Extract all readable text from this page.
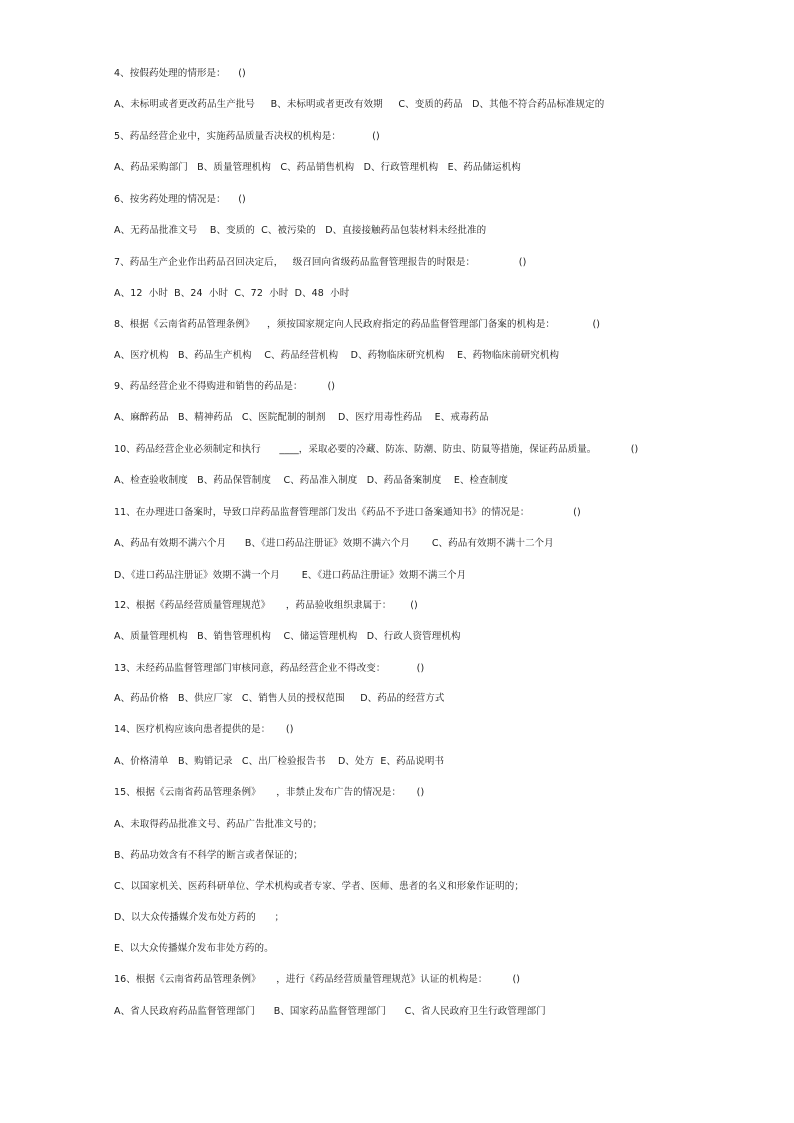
4、按假药处理的情形是：    ()
A、未标明或者更改药品生产批号     B、未标明或者更改有效期     C、变质的药品   D、其他不符合药品标准规定的
5、药品经营企业中，实施药品质量否决权的机构是：          ()
A、药品采购部门   B、质量管理机构   C、药品销售机构   D、行政管理机构   E、药品储运机构
6、按劣药处理的情况是：    ()
A、无药品批准文号    B、变质的  C、被污染的   D、直接接触药品包装材料未经批准的
7、药品生产企业作出药品召回决定后，   级召回向省级药品监督管理报告的时限是：              ()
A、12  小时  B、24  小时  C、72  小时  D、48  小时
8、根据《云南省药品管理条例》    ，须按国家规定向人民政府指定的药品监督管理部门备案的机构是：            ()
A、医疗机构   B、药品生产机构    C、药品经营机构    D、药物临床研究机构    E、药物临床前研究机构
9、药品经营企业不得购进和销售的药品是：        ()
A、麻醉药品   B、精神药品   C、医院配制的制剂    D、医疗用毒性药品    E、戒毒药品
10、药品经营企业必须制定和执行      ____，采取必要的冷藏、防冻、防潮、防虫、防鼠等措施，保证药品质量。           ()
A、检查验收制度   B、药品保管制度    C、药品准入制度   D、药品备案制度    E、检查制度
11、在办理进口备案时，导致口岸药品监督管理部门发出《药品不予进口备案通知书》的情况是：              ()
A、药品有效期不满六个月      B、《进口药品注册证》效期不满六个月       C、药品有效期不满十二个月
D、《进口药品注册证》效期不满一个月       E、《进口药品注册证》效期不满三个月
12、根据《药品经营质量管理规范》     ，药品验收组织隶属于：      ()
A、质量管理机构   B、销售管理机构    C、储运管理机构   D、行政人资管理机构
13、未经药品监督管理部门审核同意，药品经营企业不得改变：          ()
A、药品价格   B、供应厂家   C、销售人员的授权范围     D、药品的经营方式
14、医疗机构应该向患者提供的是：     ()
A、价格清单   B、购销记录   C、出厂检验报告书    D、处方  E、药品说明书
15、根据《云南省药品管理条例》     ，非禁止发布广告的情况是：     ()
A、未取得药品批准文号、药品广告批准文号的；
B、药品功效含有不科学的断言或者保证的；
C、以国家机关、医药科研单位、学术机构或者专家、学者、医师、患者的名义和形象作证明的；
D、以大众传播媒介发布处方药的      ；
E、以大众传播媒介发布非处方药的。
16、根据《云南省药品管理条例》     ，进行《药品经营质量管理规范》认证的机构是：        ()
A、省人民政府药品监督管理部门      B、国家药品监督管理部门      C、省人民政府卫生行政管理部门
